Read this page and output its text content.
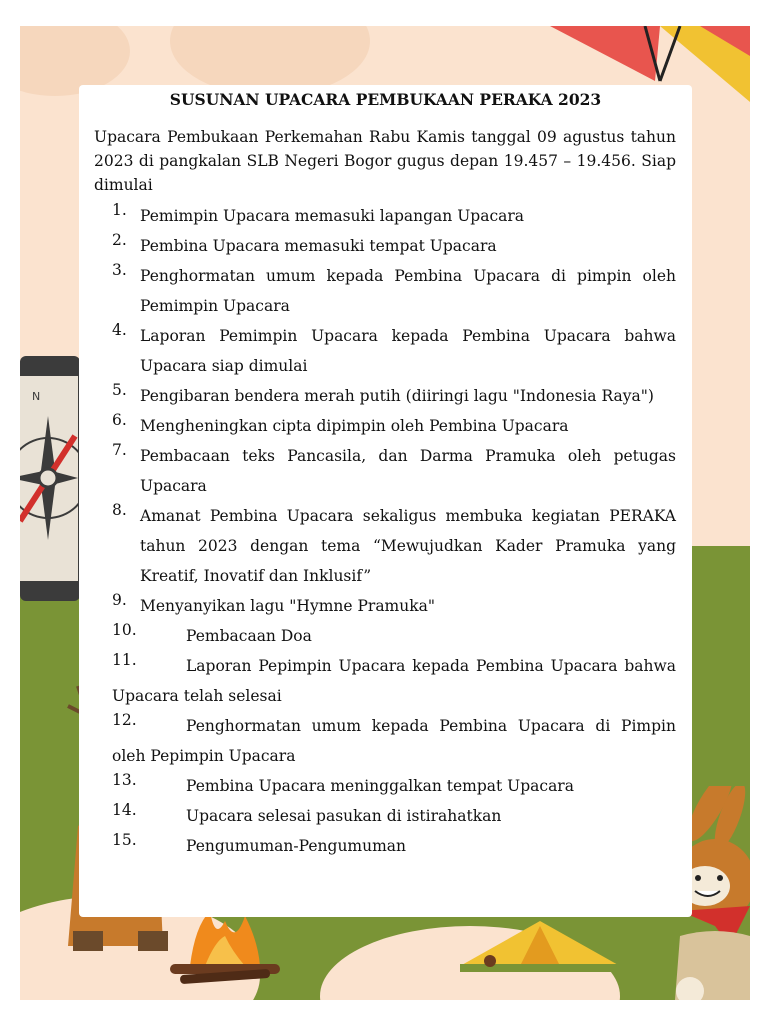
N
SUSUNAN UPACARA PEMBUKAAN PERAKA 2023
Upacara Pembukaan Perkemahan Rabu Kamis tanggal 09 agustus tahun 2023 di pangkalan SLB Negeri Bogor gugus depan 19.457 – 19.456. Siap dimulai
1. Pemimpin Upacara memasuki lapangan Upacara
2. Pembina Upacara memasuki tempat Upacara
3. Penghormatan umum kepada Pembina Upacara di pimpin oleh Pemimpin Upacara
4. Laporan Pemimpin Upacara kepada Pembina Upacara bahwa Upacara siap dimulai
5. Pengibaran bendera merah putih (diiringi lagu "Indonesia Raya")
6. Mengheningkan cipta dipimpin oleh Pembina Upacara
7. Pembacaan teks Pancasila, dan Darma Pramuka oleh petugas Upacara
8. Amanat Pembina Upacara sekaligus membuka kegiatan PERAKA tahun 2023 dengan tema “Mewujudkan Kader Pramuka yang Kreatif, Inovatif dan Inklusif”
9. Menyanyikan lagu "Hymne Pramuka"
10.	Pembacaan Doa
11.	Laporan Pepimpin Upacara kepada Pembina Upacara bahwa Upacara telah selesai
12.	Penghormatan umum kepada Pembina Upacara di Pimpin oleh Pepimpin Upacara
13.	Pembina Upacara meninggalkan tempat Upacara
14.	Upacara selesai pasukan di istirahatkan
15.	Pengumuman-Pengumuman
